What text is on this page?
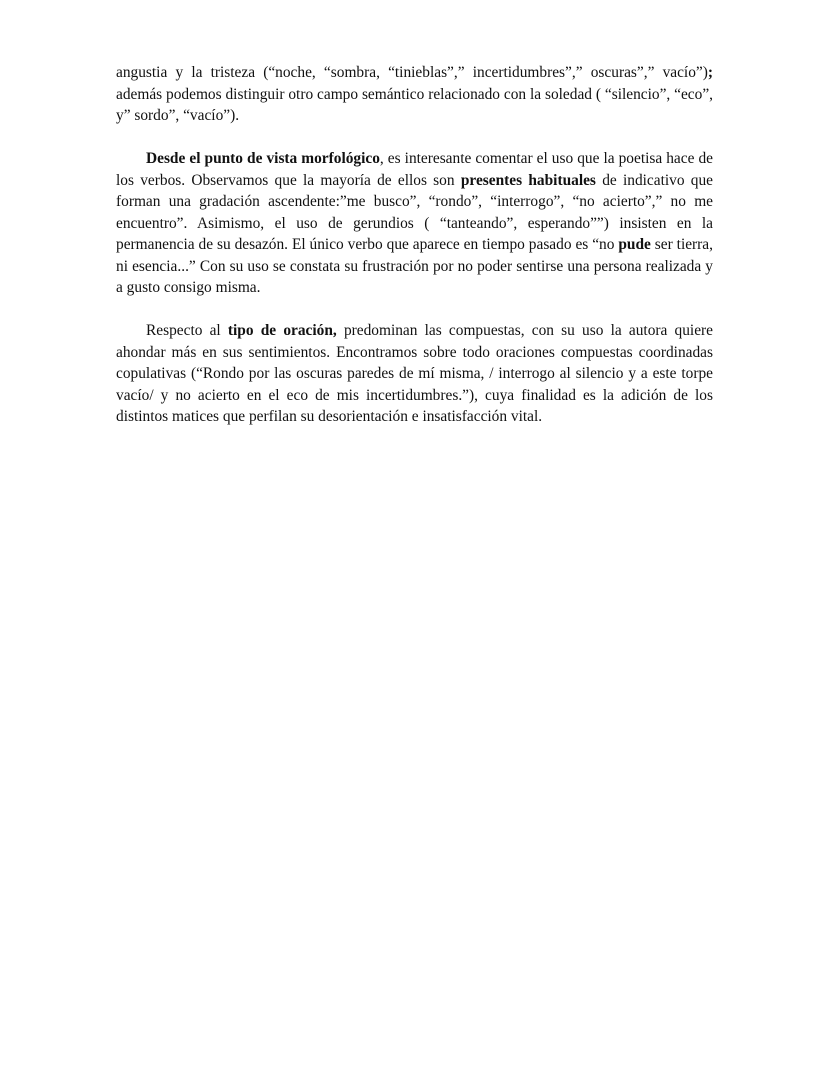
angustia y la tristeza (“noche, “sombra, “tinieblas”,” incertidumbres”,” oscuras”,” vacío”); además podemos distinguir otro campo semántico relacionado con la soledad ( “silencio”, “eco”, y” sordo”, “vacío”).

Desde el punto de vista morfológico, es interesante comentar el uso que la poetisa hace de los verbos. Observamos que la mayoría de ellos son presentes habituales de indicativo que forman una gradación ascendente:”me busco”, “rondo”, “interrogo”, “no acierto”,” no me encuentro”. Asimismo, el uso de gerundios ( “tanteando”, esperando””) insisten en la permanencia de su desazón. El único verbo que aparece en tiempo pasado es “no pude ser tierra, ni esencia...” Con su uso se constata su frustración por no poder sentirse una persona realizada y a gusto consigo misma.

Respecto al tipo de oración, predominan las compuestas, con su uso la autora quiere ahondar más en sus sentimientos. Encontramos sobre todo oraciones compuestas coordinadas copulativas (“Rondo por las oscuras paredes de mí misma, / interrogo al silencio y a este torpe vacío/ y no acierto en el eco de mis incertidumbres.”), cuya finalidad es la adición de los distintos matices que perfilan su desorientación e insatisfacción vital.
